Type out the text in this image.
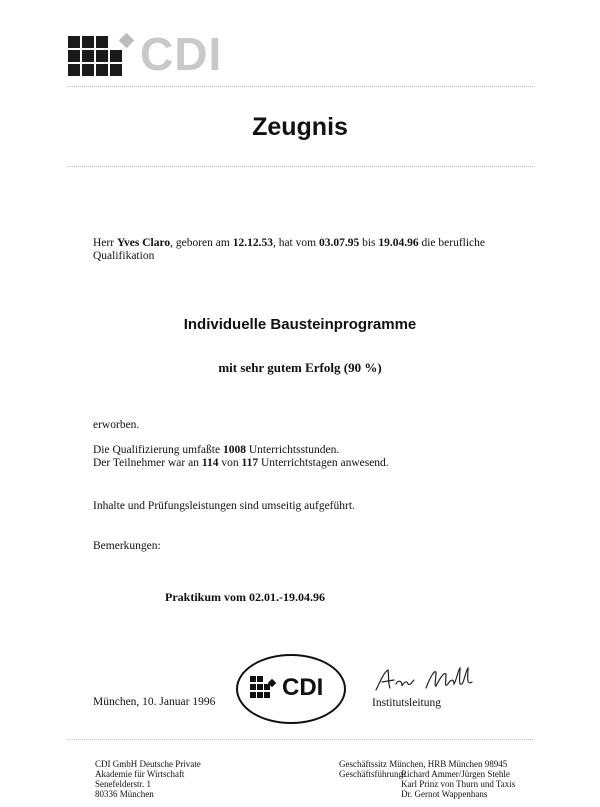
CDI
Zeugnis
Herr Yves Claro, geboren am 12.12.53, hat vom 03.07.95 bis 19.04.96 die berufliche
Qualifikation
Individuelle Bausteinprogramme
mit sehr gutem Erfolg (90 %)
erworben.
Die Qualifizierung umfaßte 1008 Unterrichtsstunden.
Der Teilnehmer war an 114 von 117 Unterrichtstagen anwesend.
Inhalte und Prüfungsleistungen sind umseitig aufgeführt.
Bemerkungen:
Praktikum vom 02.01.-19.04.96
München, 10. Januar 1996
CDI
Institutsleitung
CDI GmbH Deutsche Private
Akademie für Wirtschaft
Senefelderstr. 1
80336 München
Geschäftssitz München, HRB München 98945
Geschäftsführung:
Richard Ammer/Jürgen Stehle
Karl Prinz von Thurn und Taxis
Dr. Gernot Wappenhans
